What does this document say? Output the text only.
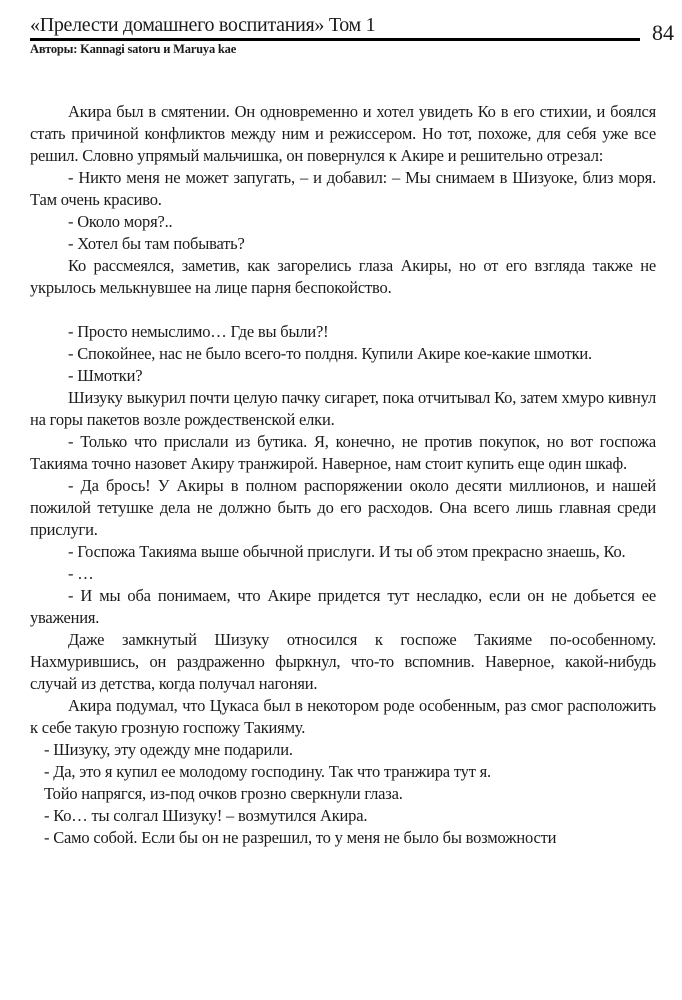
«Прелести домашнего воспитания» Том 1	84
Авторы: Kannagi satoru и Maruya kae

Акира был в смятении. Он одновременно и хотел увидеть Ко в его стихии, и боялся стать причиной конфликтов между ним и режиссером. Но тот, похоже, для себя уже все решил. Словно упрямый мальчишка, он повернулся к Акире и решительно отрезал:

- Никто меня не может запугать, – и добавил: – Мы снимаем в Шизуоке, близ моря. Там очень красиво.

- Около моря?..

- Хотел бы там побывать?

Ко рассмеялся, заметив, как загорелись глаза Акиры, но от его взгляда также не укрылось мелькнувшее на лице парня беспокойство.

- Просто немыслимо… Где вы были?!

- Спокойнее, нас не было всего-то полдня. Купили Акире кое-какие шмотки.

- Шмотки?

Шизуку выкурил почти целую пачку сигарет, пока отчитывал Ко, затем хмуро кивнул на горы пакетов возле рождественской елки.

- Только что прислали из бутика. Я, конечно, не против покупок, но вот госпожа Такияма точно назовет Акиру транжирой. Наверное, нам стоит купить еще один шкаф.

- Да брось! У Акиры в полном распоряжении около десяти миллионов, и нашей пожилой тетушке дела не должно быть до его расходов. Она всего лишь главная среди прислуги.

- Госпожа Такияма выше обычной прислуги. И ты об этом прекрасно знаешь, Ко.

- …

- И мы оба понимаем, что Акире придется тут несладко, если он не добьется ее уважения.

Даже замкнутый Шизуку относился к госпоже Такияме по-особенному. Нахмурившись, он раздраженно фыркнул, что-то вспомнив. Наверное, какой-нибудь случай из детства, когда получал нагоняи.

Акира подумал, что Цукаса был в некотором роде особенным, раз смог расположить к себе такую грозную госпожу Такияму.

- Шизуку, эту одежду мне подарили.

- Да, это я купил ее молодому господину. Так что транжира тут я.

Тойо напрягся, из-под очков грозно сверкнули глаза.

- Ко… ты солгал Шизуку! – возмутился Акира.

- Само собой. Если бы он не разрешил, то у меня не было бы возможности
